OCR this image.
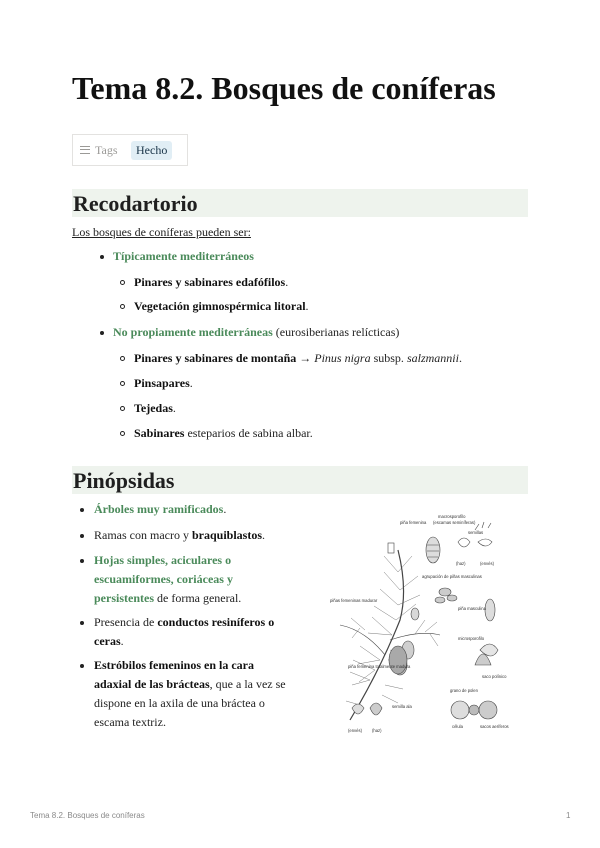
Tema 8.2. Bosques de coníferas
Tags	Hecho
Recodartorio
Los bosques de coníferas pueden ser:
Típicamente mediterráneos
Pinares y sabinares edafófilos.
Vegetación gimnospérmica litoral.
No propiamente mediterráneas (eurosiberianas relícticas)
Pinares y sabinares de montaña → Pinus nigra subsp. salzmannii.
Pinsapares.
Tejedas.
Sabinares esteparios de sabina albar.
Pinópsidas
Árboles muy ramificados.
Ramas con macro y braquiblastos.
Hojas simples, aciculares o
escuamiformes, coriáceas y
persistentes de forma general.
Presencia de conductos resiníferos o
ceras.
Estróbilos femeninos en la cara
adaxial de las brácteas, que a la vez se
dispone en la axila de una bráctea o
escama textriz.
macrosporofilo
(escamas seminíferas)
semillas
piña femenina
(haz)	(envés)
agrupación de piñas masculinas
piña masculina
piñas femeninas madurar
microsporofilo
saco polínico
piña femenina totalmente madura
grano de polen
sacos aeríferos
(envés) (haz)
semilla ala
célula
Tema 8.2. Bosques de coníferas	1
